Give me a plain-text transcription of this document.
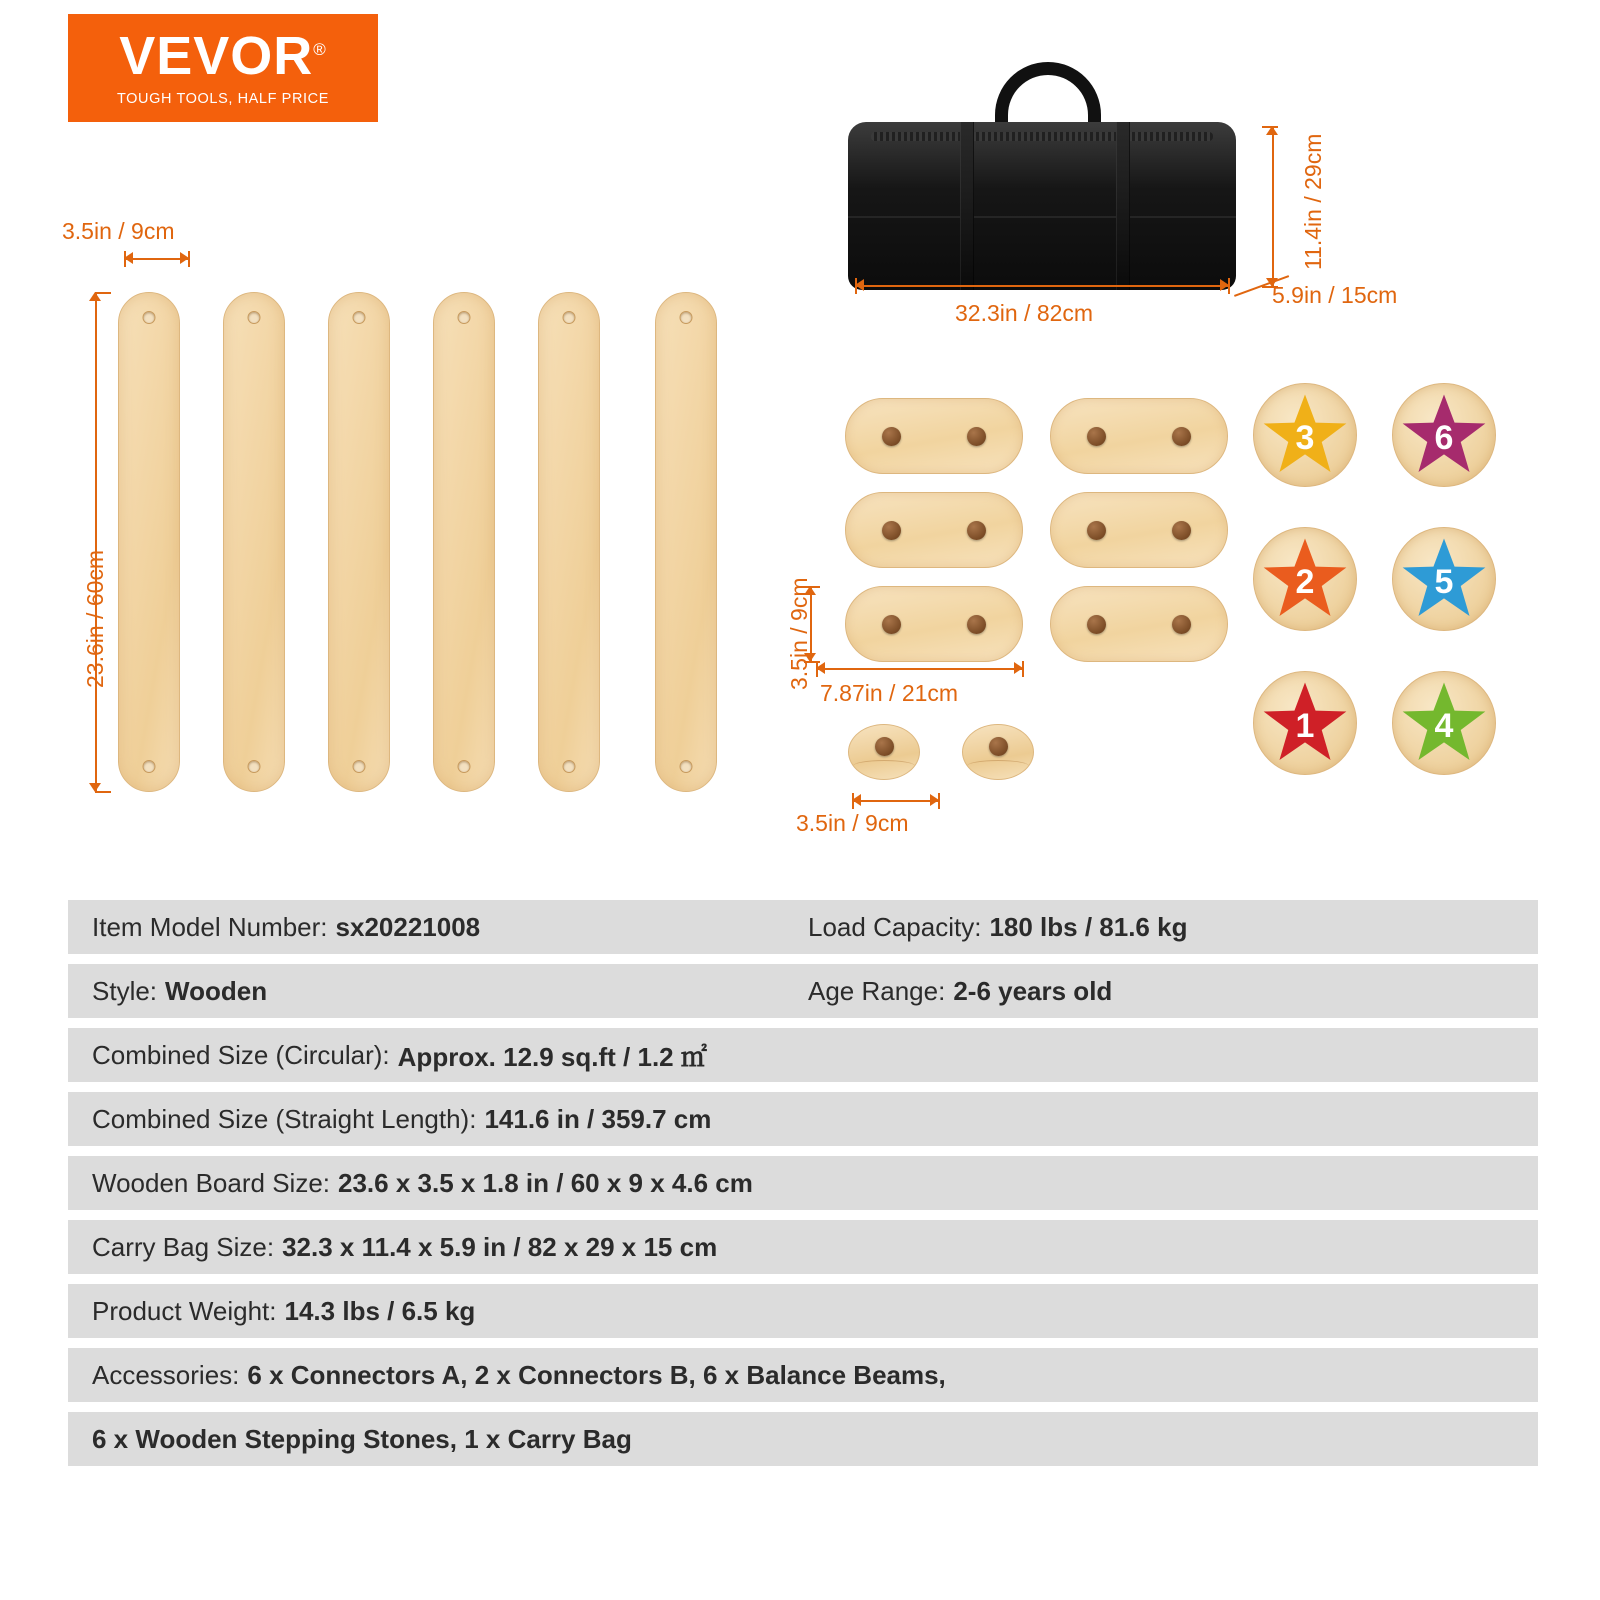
VEVOR®
TOUGH TOOLS, HALF PRICE
3.5in / 9cm
23.6in / 60cm
11.4in / 29cm
5.9in / 15cm
32.3in / 82cm
3.5in / 9cm
7.87in / 21cm
3.5in / 9cm
3	6
2	5
1	4
Item Model Number: sx20221008	Load Capacity: 180 lbs / 81.6 kg
Style: Wooden	Age Range: 2-6 years old
Combined Size (Circular): Approx. 12.9 sq.ft / 1.2 ㎡
Combined Size (Straight Length): 141.6 in / 359.7 cm
Wooden Board Size: 23.6 x 3.5 x 1.8 in / 60 x 9 x 4.6 cm
Carry Bag Size: 32.3 x 11.4 x 5.9 in / 82 x 29 x 15 cm
Product Weight: 14.3 lbs / 6.5 kg
Accessories: 6 x Connectors A, 2 x Connectors B, 6 x Balance Beams,
6 x Wooden Stepping Stones, 1 x Carry Bag
